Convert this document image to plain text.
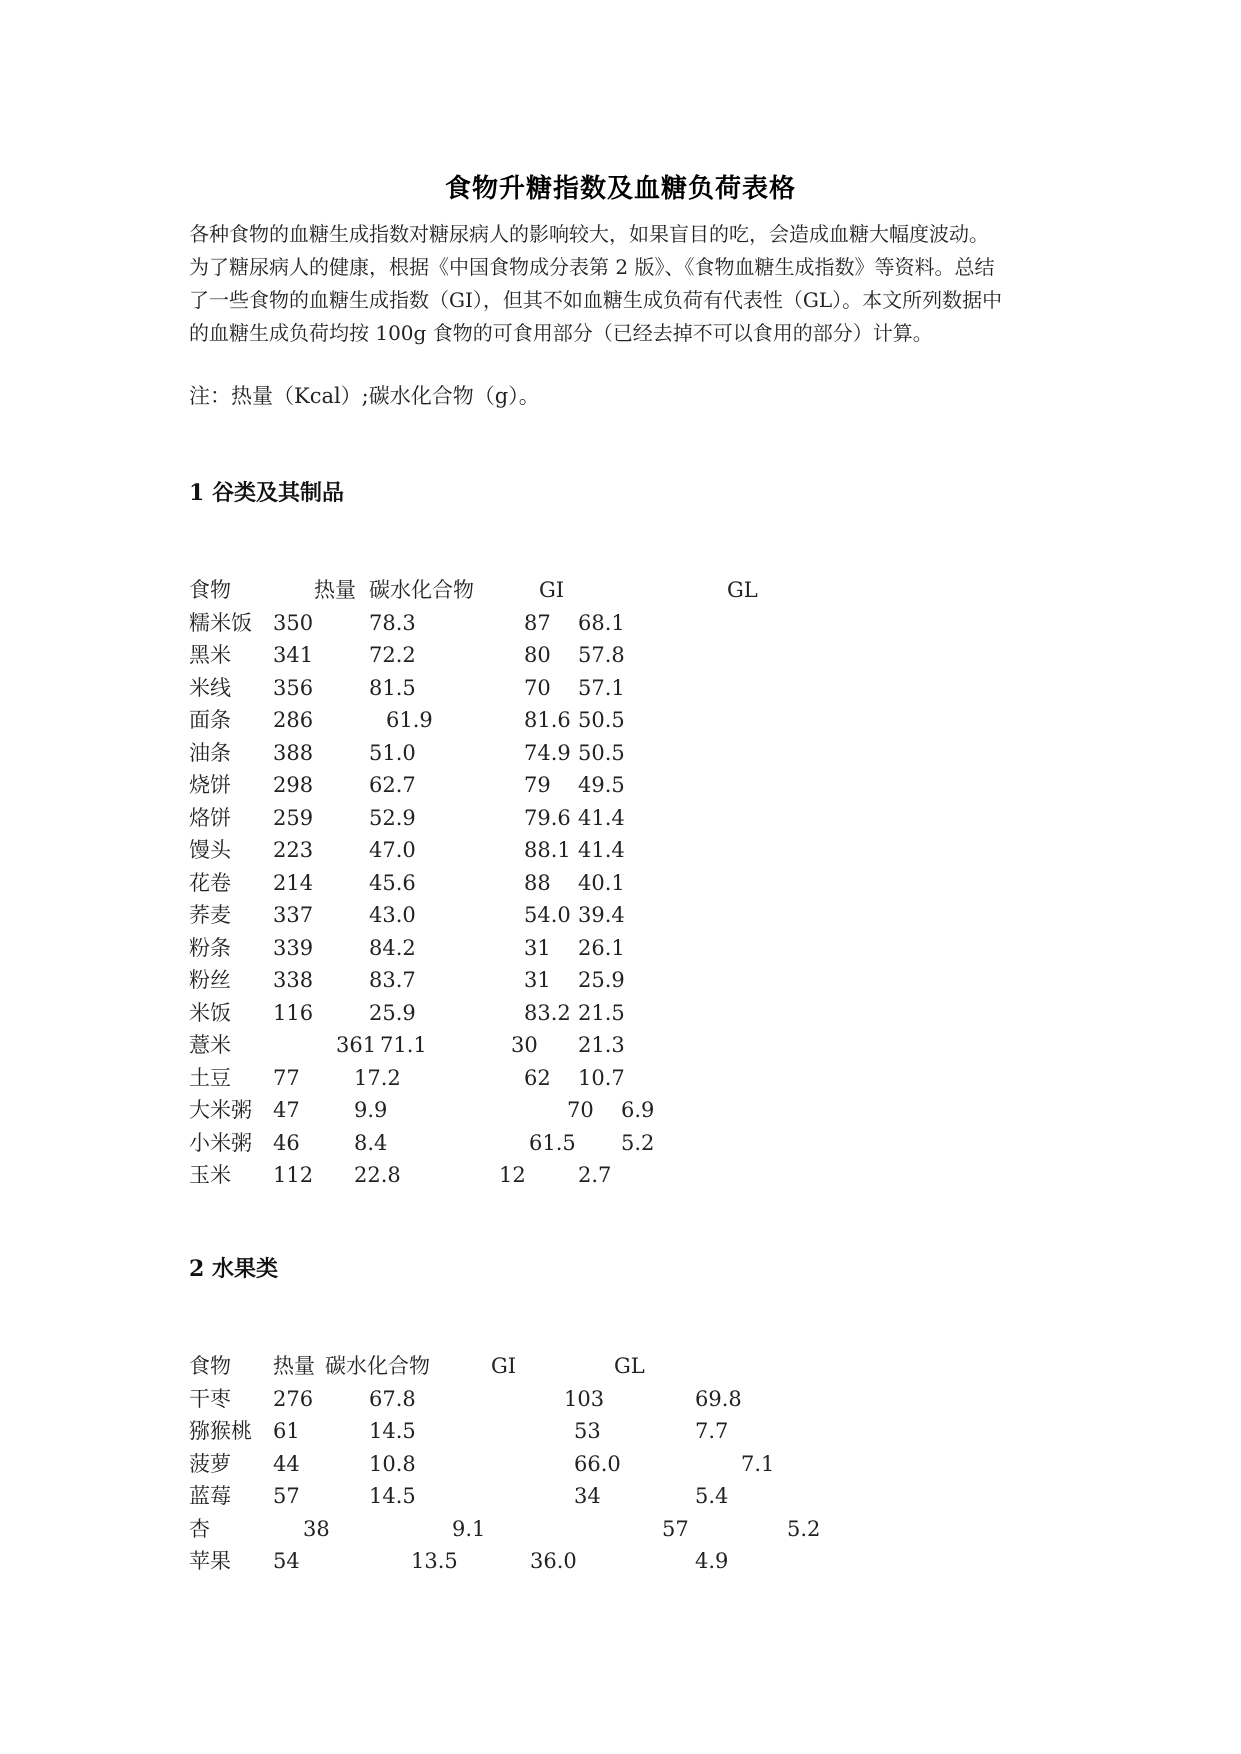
食物升糖指数及血糖负荷表格
各种食物的血糖生成指数对糖尿病人的影响较大，如果盲目的吃，会造成血糖大幅度波动。
为了糖尿病人的健康，根据《中国食物成分表第 2 版》、《食物血糖生成指数》等资料。总结
了一些食物的血糖生成指数（GI），但其不如血糖生成负荷有代表性（GL）。本文所列数据中
的血糖生成负荷均按 100g 食物的可食用部分（已经去掉不可以食用的部分）计算。
注：热量（Kcal）;碳水化合物（g）。
1 谷类及其制品
食物	热量 碳水化合物	GI	GL
糯米饭 350	78.3	87 68.1
黑米 341	72.2	80 57.8
米线 356	81.5	70 57.1
面条 286	61.9	81.6 50.5
油条 388	51.0	74.9 50.5
烧饼 298	62.7	79 49.5
烙饼 259	52.9	79.6 41.4
馒头 223	47.0	88.1 41.4
花卷 214	45.6	88 40.1
荞麦 337	43.0	54.0 39.4
粉条 339	84.2	31 26.1
粉丝 338	83.7	31 25.9
米饭 116	25.9	83.2 21.5
薏米	361 71.1	30 21.3
土豆 77	17.2	62 10.7
大米粥 47	9.9	70 6.9
小米粥 46	8.4	61.5 5.2
玉米 112 22.8	12 2.7
2 水果类
食物 热量 碳水化合物	GI	GL
干枣 276	67.8	103	69.8
猕猴桃 61	14.5	53	7.7
菠萝 44	10.8	66.0	7.1
蓝莓 57	14.5	34	5.4
杏	38	9.1	57	5.2
苹果 54	13.5	36.0	4.9
